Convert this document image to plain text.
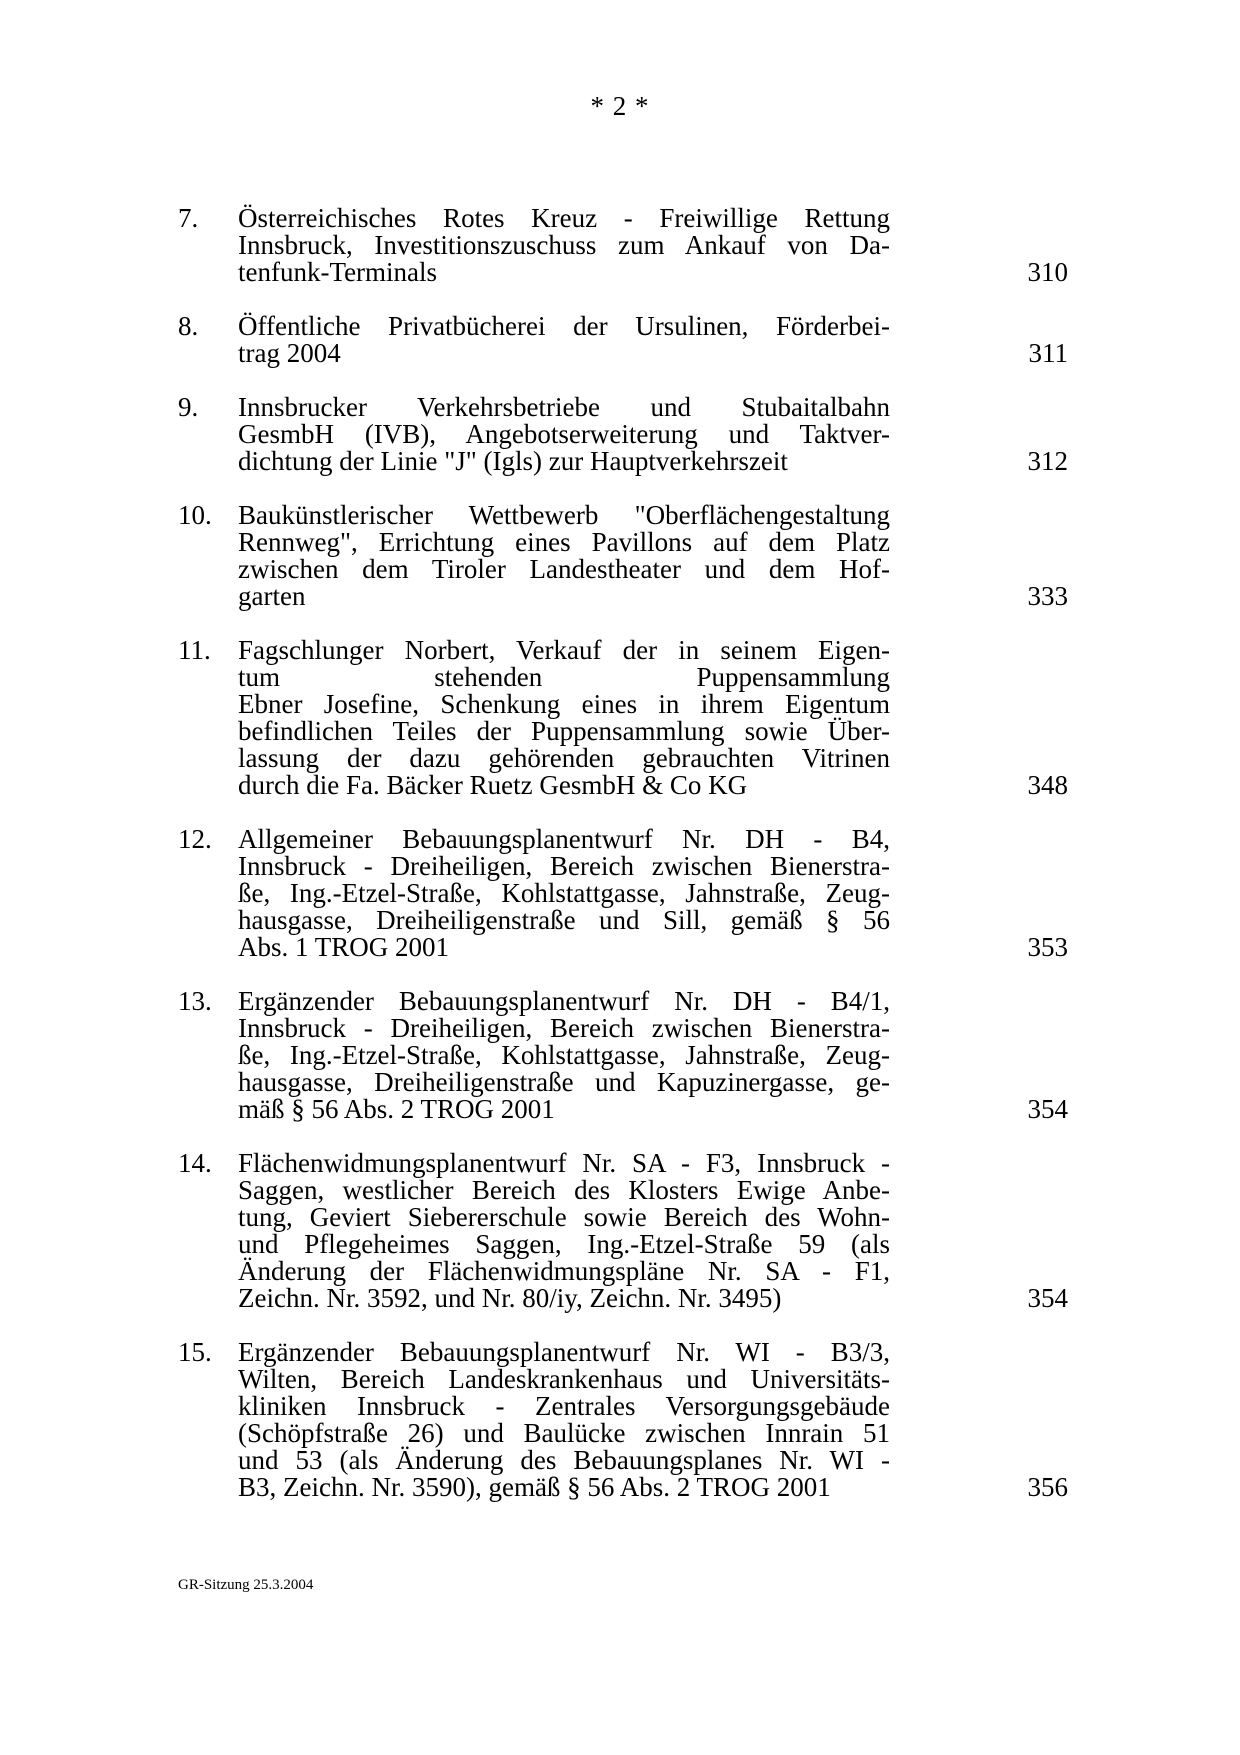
* 2 *
7. Österreichisches Rotes Kreuz - Freiwillige Rettung
Innsbruck, Investitionszuschuss zum Ankauf von Da-
tenfunk-Terminals	310
8. Öffentliche Privatbücherei der Ursulinen, Förderbei-
trag 2004	311
9. Innsbrucker Verkehrsbetriebe und Stubaitalbahn
GesmbH (IVB), Angebotserweiterung und Taktver-
dichtung der Linie "J" (Igls) zur Hauptverkehrszeit	312
10. Baukünstlerischer Wettbewerb "Oberflächengestaltung
Rennweg", Errichtung eines Pavillons auf dem Platz
zwischen dem Tiroler Landestheater und dem Hof-
garten	333
11. Fagschlunger Norbert, Verkauf der in seinem Eigen-
tum stehenden Puppensammlung
Ebner Josefine, Schenkung eines in ihrem Eigentum
befindlichen Teiles der Puppensammlung sowie Über-
lassung der dazu gehörenden gebrauchten Vitrinen
durch die Fa. Bäcker Ruetz GesmbH & Co KG	348
12. Allgemeiner Bebauungsplanentwurf Nr. DH - B4,
Innsbruck - Dreiheiligen, Bereich zwischen Bienerstra-
ße, Ing.-Etzel-Straße, Kohlstattgasse, Jahnstraße, Zeug-
hausgasse, Dreiheiligenstraße und Sill, gemäß § 56
Abs. 1 TROG 2001	353
13. Ergänzender Bebauungsplanentwurf Nr. DH - B4/1,
Innsbruck - Dreiheiligen, Bereich zwischen Bienerstra-
ße, Ing.-Etzel-Straße, Kohlstattgasse, Jahnstraße, Zeug-
hausgasse, Dreiheiligenstraße und Kapuzinergasse, ge-
mäß § 56 Abs. 2 TROG 2001	354
14. Flächenwidmungsplanentwurf Nr. SA - F3, Innsbruck -
Saggen, westlicher Bereich des Klosters Ewige Anbe-
tung, Geviert Siebererschule sowie Bereich des Wohn-
und Pflegeheimes Saggen, Ing.-Etzel-Straße 59 (als
Änderung der Flächenwidmungspläne Nr. SA - F1,
Zeichn. Nr. 3592, und Nr. 80/iy, Zeichn. Nr. 3495)	354
15. Ergänzender Bebauungsplanentwurf Nr. WI - B3/3,
Wilten, Bereich Landeskrankenhaus und Universitäts-
kliniken Innsbruck - Zentrales Versorgungsgebäude
(Schöpfstraße 26) und Baulücke zwischen Innrain 51
und 53 (als Änderung des Bebauungsplanes Nr. WI -
B3, Zeichn. Nr. 3590), gemäß § 56 Abs. 2 TROG 2001	356
GR-Sitzung 25.3.2004
